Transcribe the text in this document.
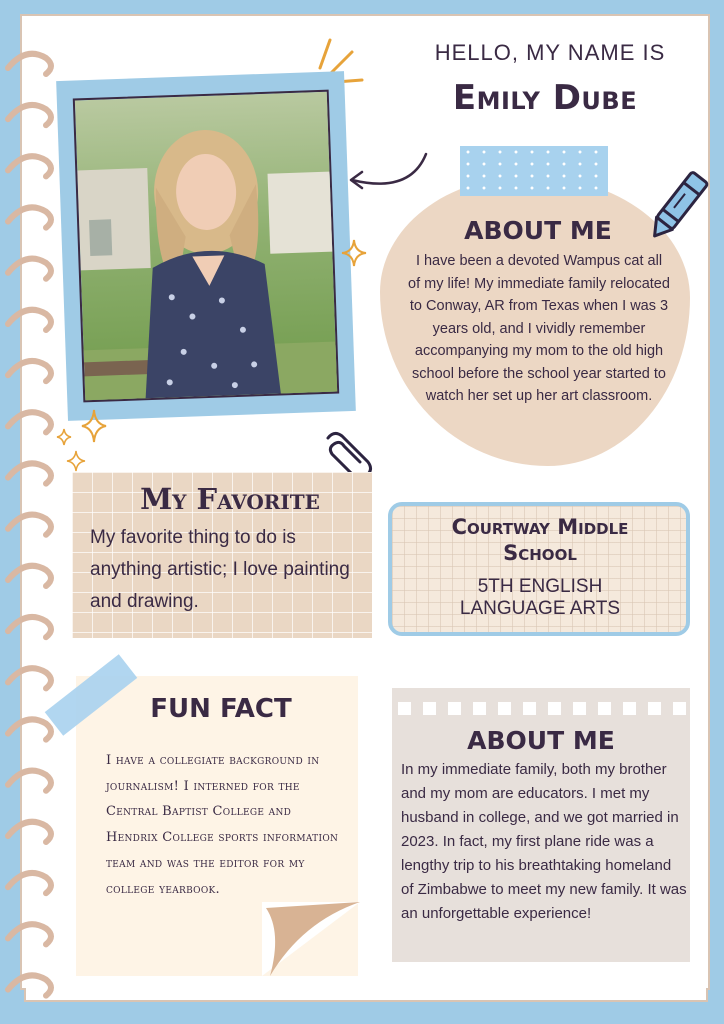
HELLO, MY NAME IS
Emily Dube
ABOUT ME
I have been a devoted Wampus cat all of my life! My immediate family relocated to Conway, AR from Texas when I was 3 years old, and I vividly remember accompanying my mom to the old high school before the school year started to watch her set up her art classroom.
My Favorite
My favorite thing to do is anything artistic; I love painting and drawing.
Courtway Middle
School
5TH ENGLISH
LANGUAGE ARTS
FUN FACT
I have a collegiate background in journalism! I interned for the Central Baptist College and Hendrix College sports information team and was the editor for my college yearbook.
ABOUT ME
In my immediate family, both my brother and my mom are educators. I met my husband in college, and we got married in 2023. In fact, my first plane ride was a lengthy trip to his breathtaking homeland of Zimbabwe to meet my new family. It was an unforgettable experience!
